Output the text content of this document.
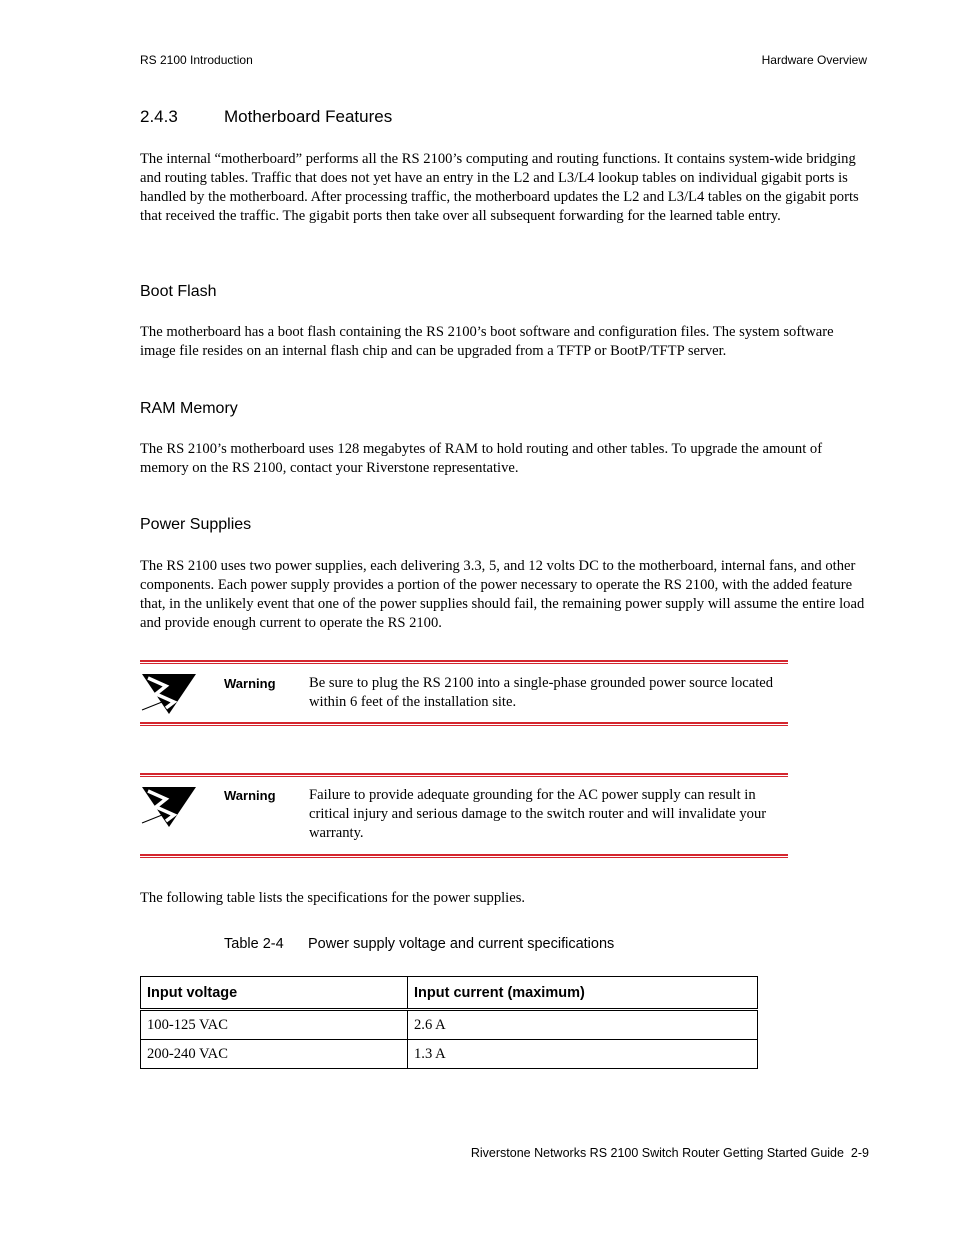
RS 2100 Introduction	Hardware Overview
2.4.3	Motherboard Features
The internal “motherboard” performs all the RS 2100’s computing and routing functions. It contains system-wide bridging and routing tables. Traffic that does not yet have an entry in the L2 and L3/L4 lookup tables on individual gigabit ports is handled by the motherboard. After processing traffic, the motherboard updates the L2 and L3/L4 tables on the gigabit ports that received the traffic. The gigabit ports then take over all subsequent forwarding for the learned table entry.
Boot Flash
The motherboard has a boot flash containing the RS 2100’s boot software and configuration files. The system software image file resides on an internal flash chip and can be upgraded from a TFTP or BootP/TFTP server.
RAM Memory
The RS 2100’s motherboard uses 128 megabytes of RAM to hold routing and other tables. To upgrade the amount of memory on the RS 2100, contact your Riverstone representative.
Power Supplies
The RS 2100 uses two power supplies, each delivering 3.3, 5, and 12 volts DC to the motherboard, internal fans, and other components. Each power supply provides a portion of the power necessary to operate the RS 2100, with the added feature that, in the unlikely event that one of the power supplies should fail, the remaining power supply will assume the entire load and provide enough current to operate the RS 2100.
Warning Be sure to plug the RS 2100 into a single-phase grounded power source located within 6 feet of the installation site.
Warning Failure to provide adequate grounding for the AC power supply can result in critical injury and serious damage to the switch router and will invalidate your warranty.
The following table lists the specifications for the power supplies.
Table 2-4 Power supply voltage and current specifications
Input voltage	Input current (maximum)
100-125 VAC	2.6 A
200-240 VAC	1.3 A
Riverstone Networks RS 2100 Switch Router Getting Started Guide 2-9
